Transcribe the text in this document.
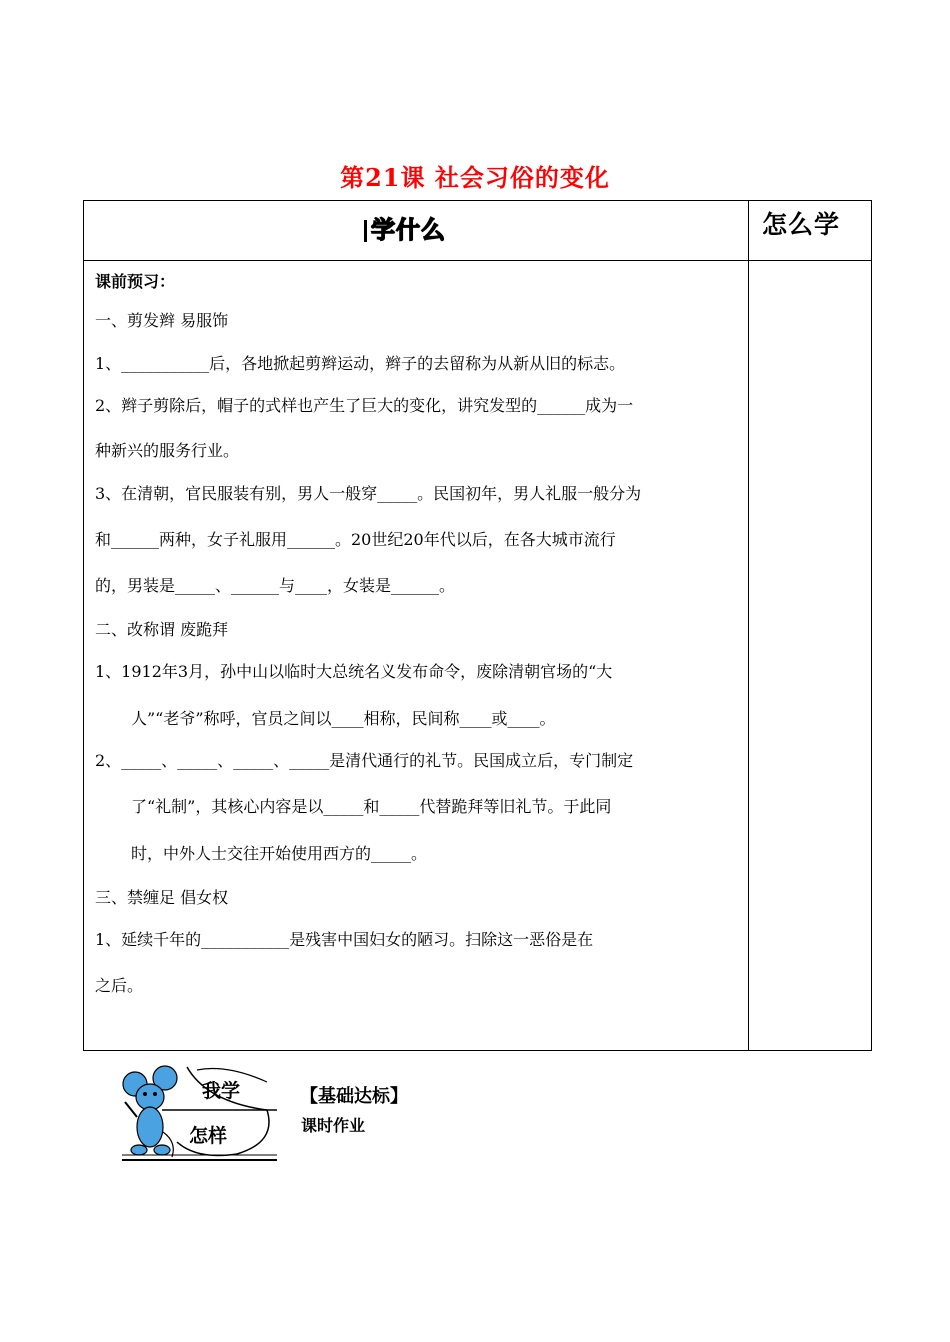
第21课 社会习俗的变化
学什么	怎么学
课前预习：
一、剪发辫 易服饰
1、___________后，各地掀起剪辫运动，辫子的去留称为从新从旧的标志。
2、辫子剪除后，帽子的式样也产生了巨大的变化，讲究发型的______成为一
种新兴的服务行业。
3、在清朝，官民服装有别，男人一般穿_____。民国初年，男人礼服一般分为
和______两种，女子礼服用______。20世纪20年代以后，在各大城市流行
的，男装是_____、______与____，女装是______。
二、改称谓 废跪拜
1、1912年3月，孙中山以临时大总统名义发布命令，废除清朝官场的“大
人”“老爷”称呼，官员之间以____相称，民间称____或____。
2、_____、_____、_____、_____是清代通行的礼节。民国成立后，专门制定
了“礼制”，其核心内容是以_____和_____代替跪拜等旧礼节。于此同
时，中外人士交往开始使用西方的_____。
三、禁缠足 倡女权
1、延续千年的___________是残害中国妇女的陋习。扫除这一恶俗是在
之后。
我学
怎样
【基础达标】
课时作业
